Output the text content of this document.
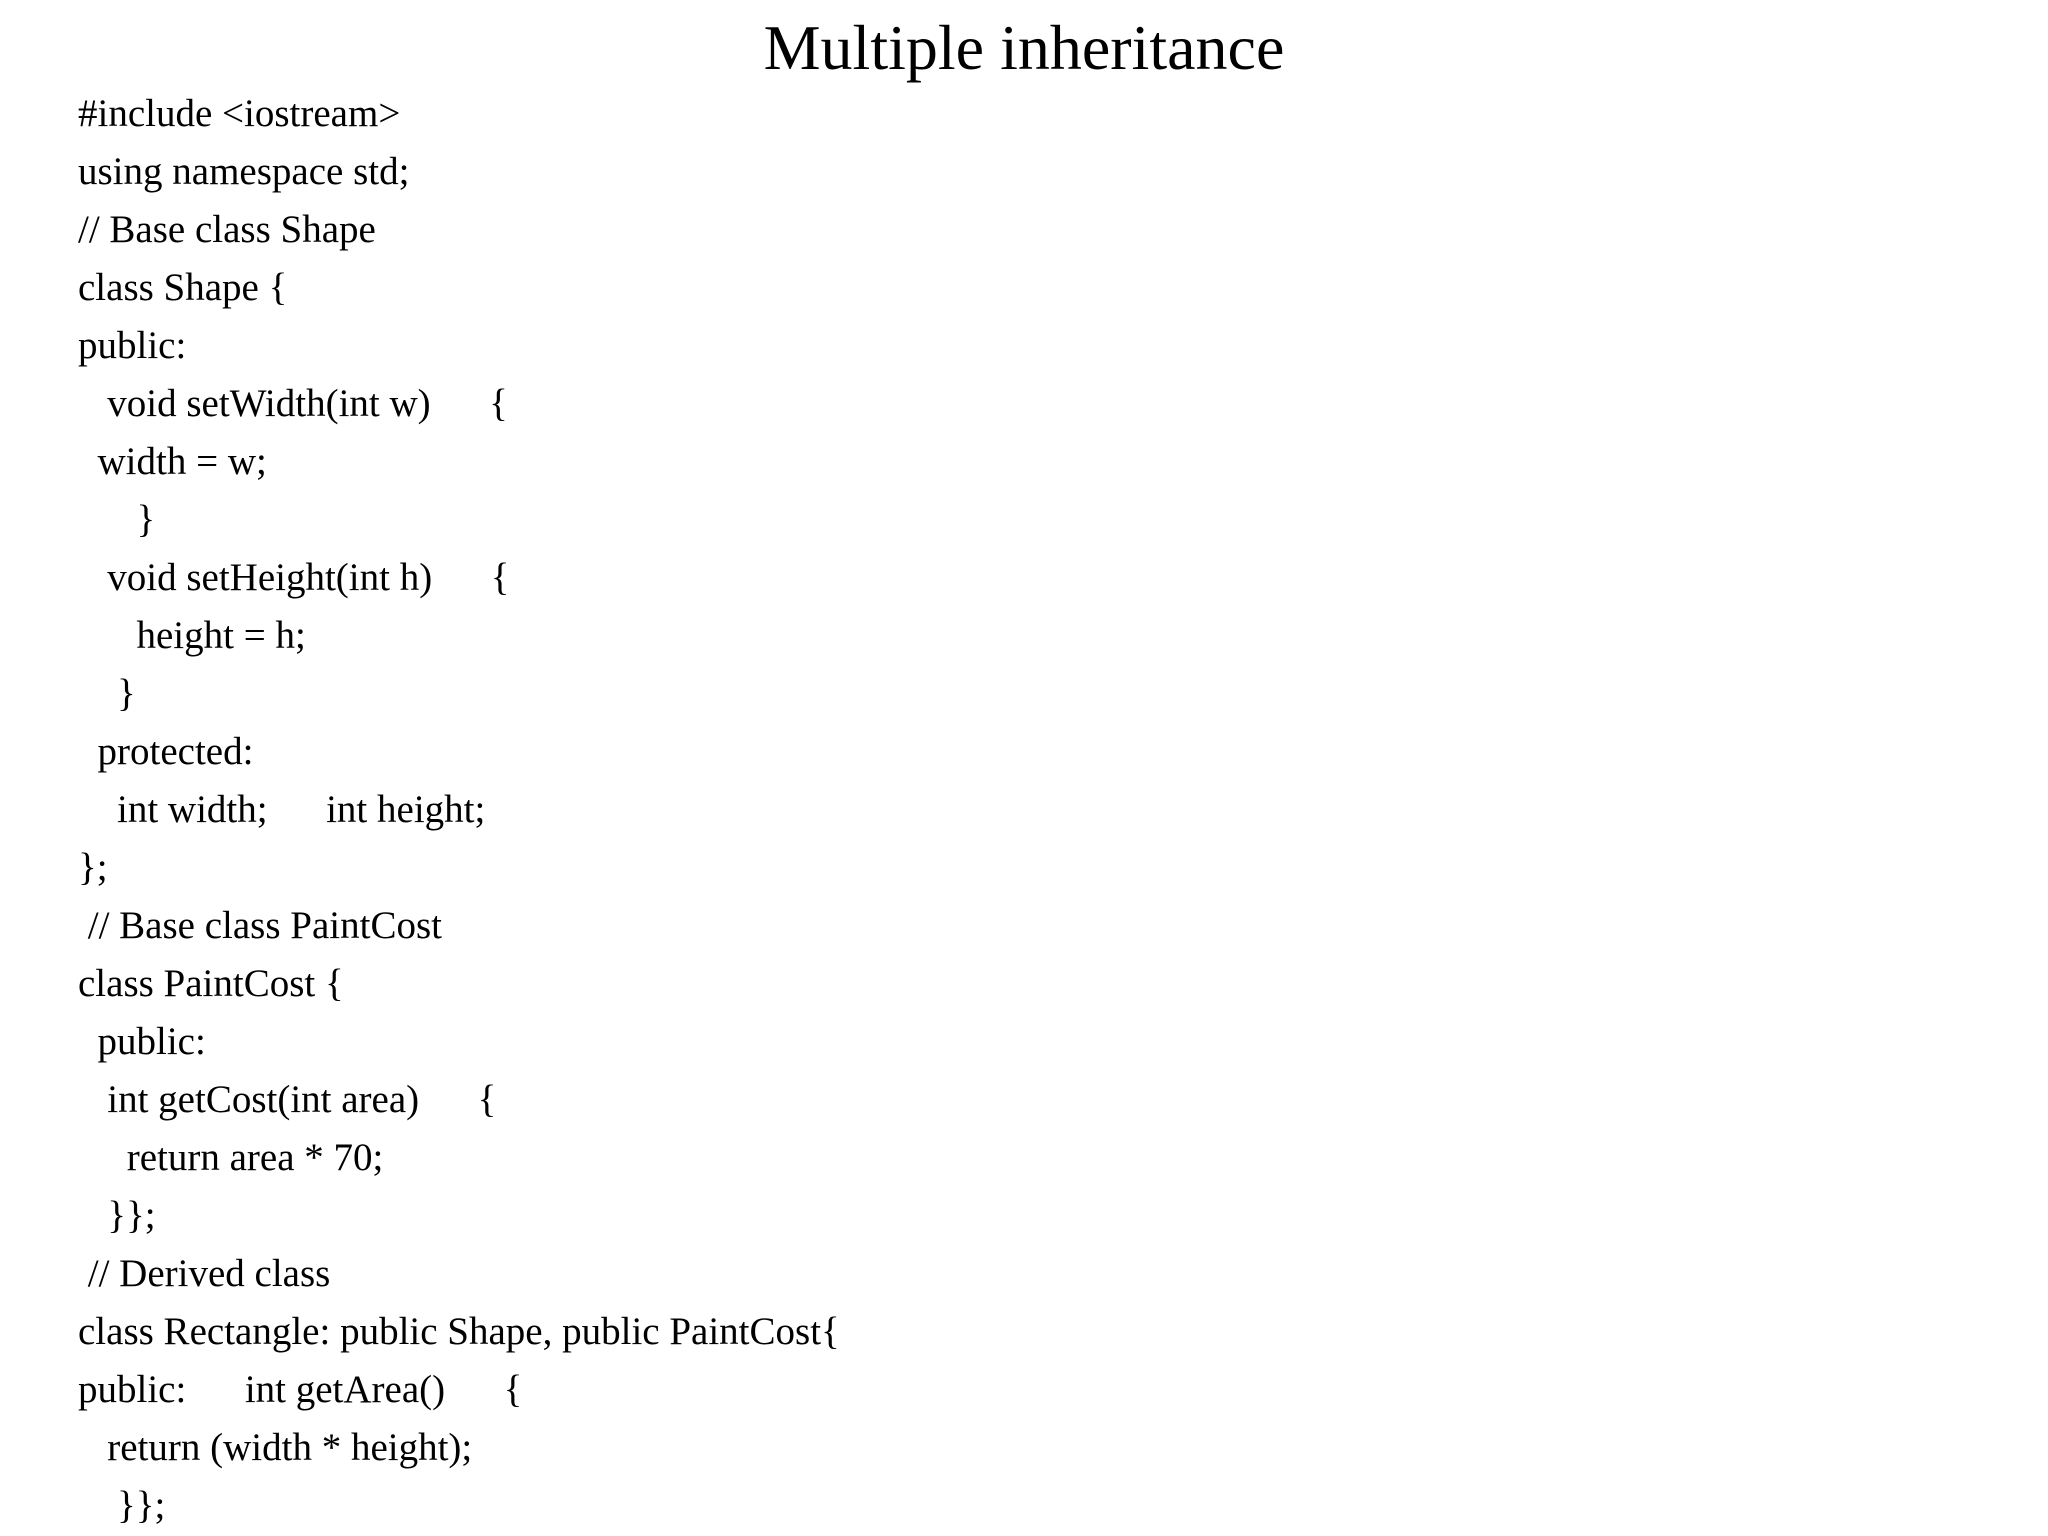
Multiple inheritance
#include <iostream>
using namespace std;
// Base class Shape
class Shape {
public:
void setWidth(int w)      {
width = w;
}
void setHeight(int h)      {
height = h;
}
protected:
int width;      int height;
};
// Base class PaintCost
class PaintCost {
public:
int getCost(int area)      {
return area * 70;
}};
// Derived class
class Rectangle: public Shape, public PaintCost{
public:      int getArea()      {
return (width * height);
}};
